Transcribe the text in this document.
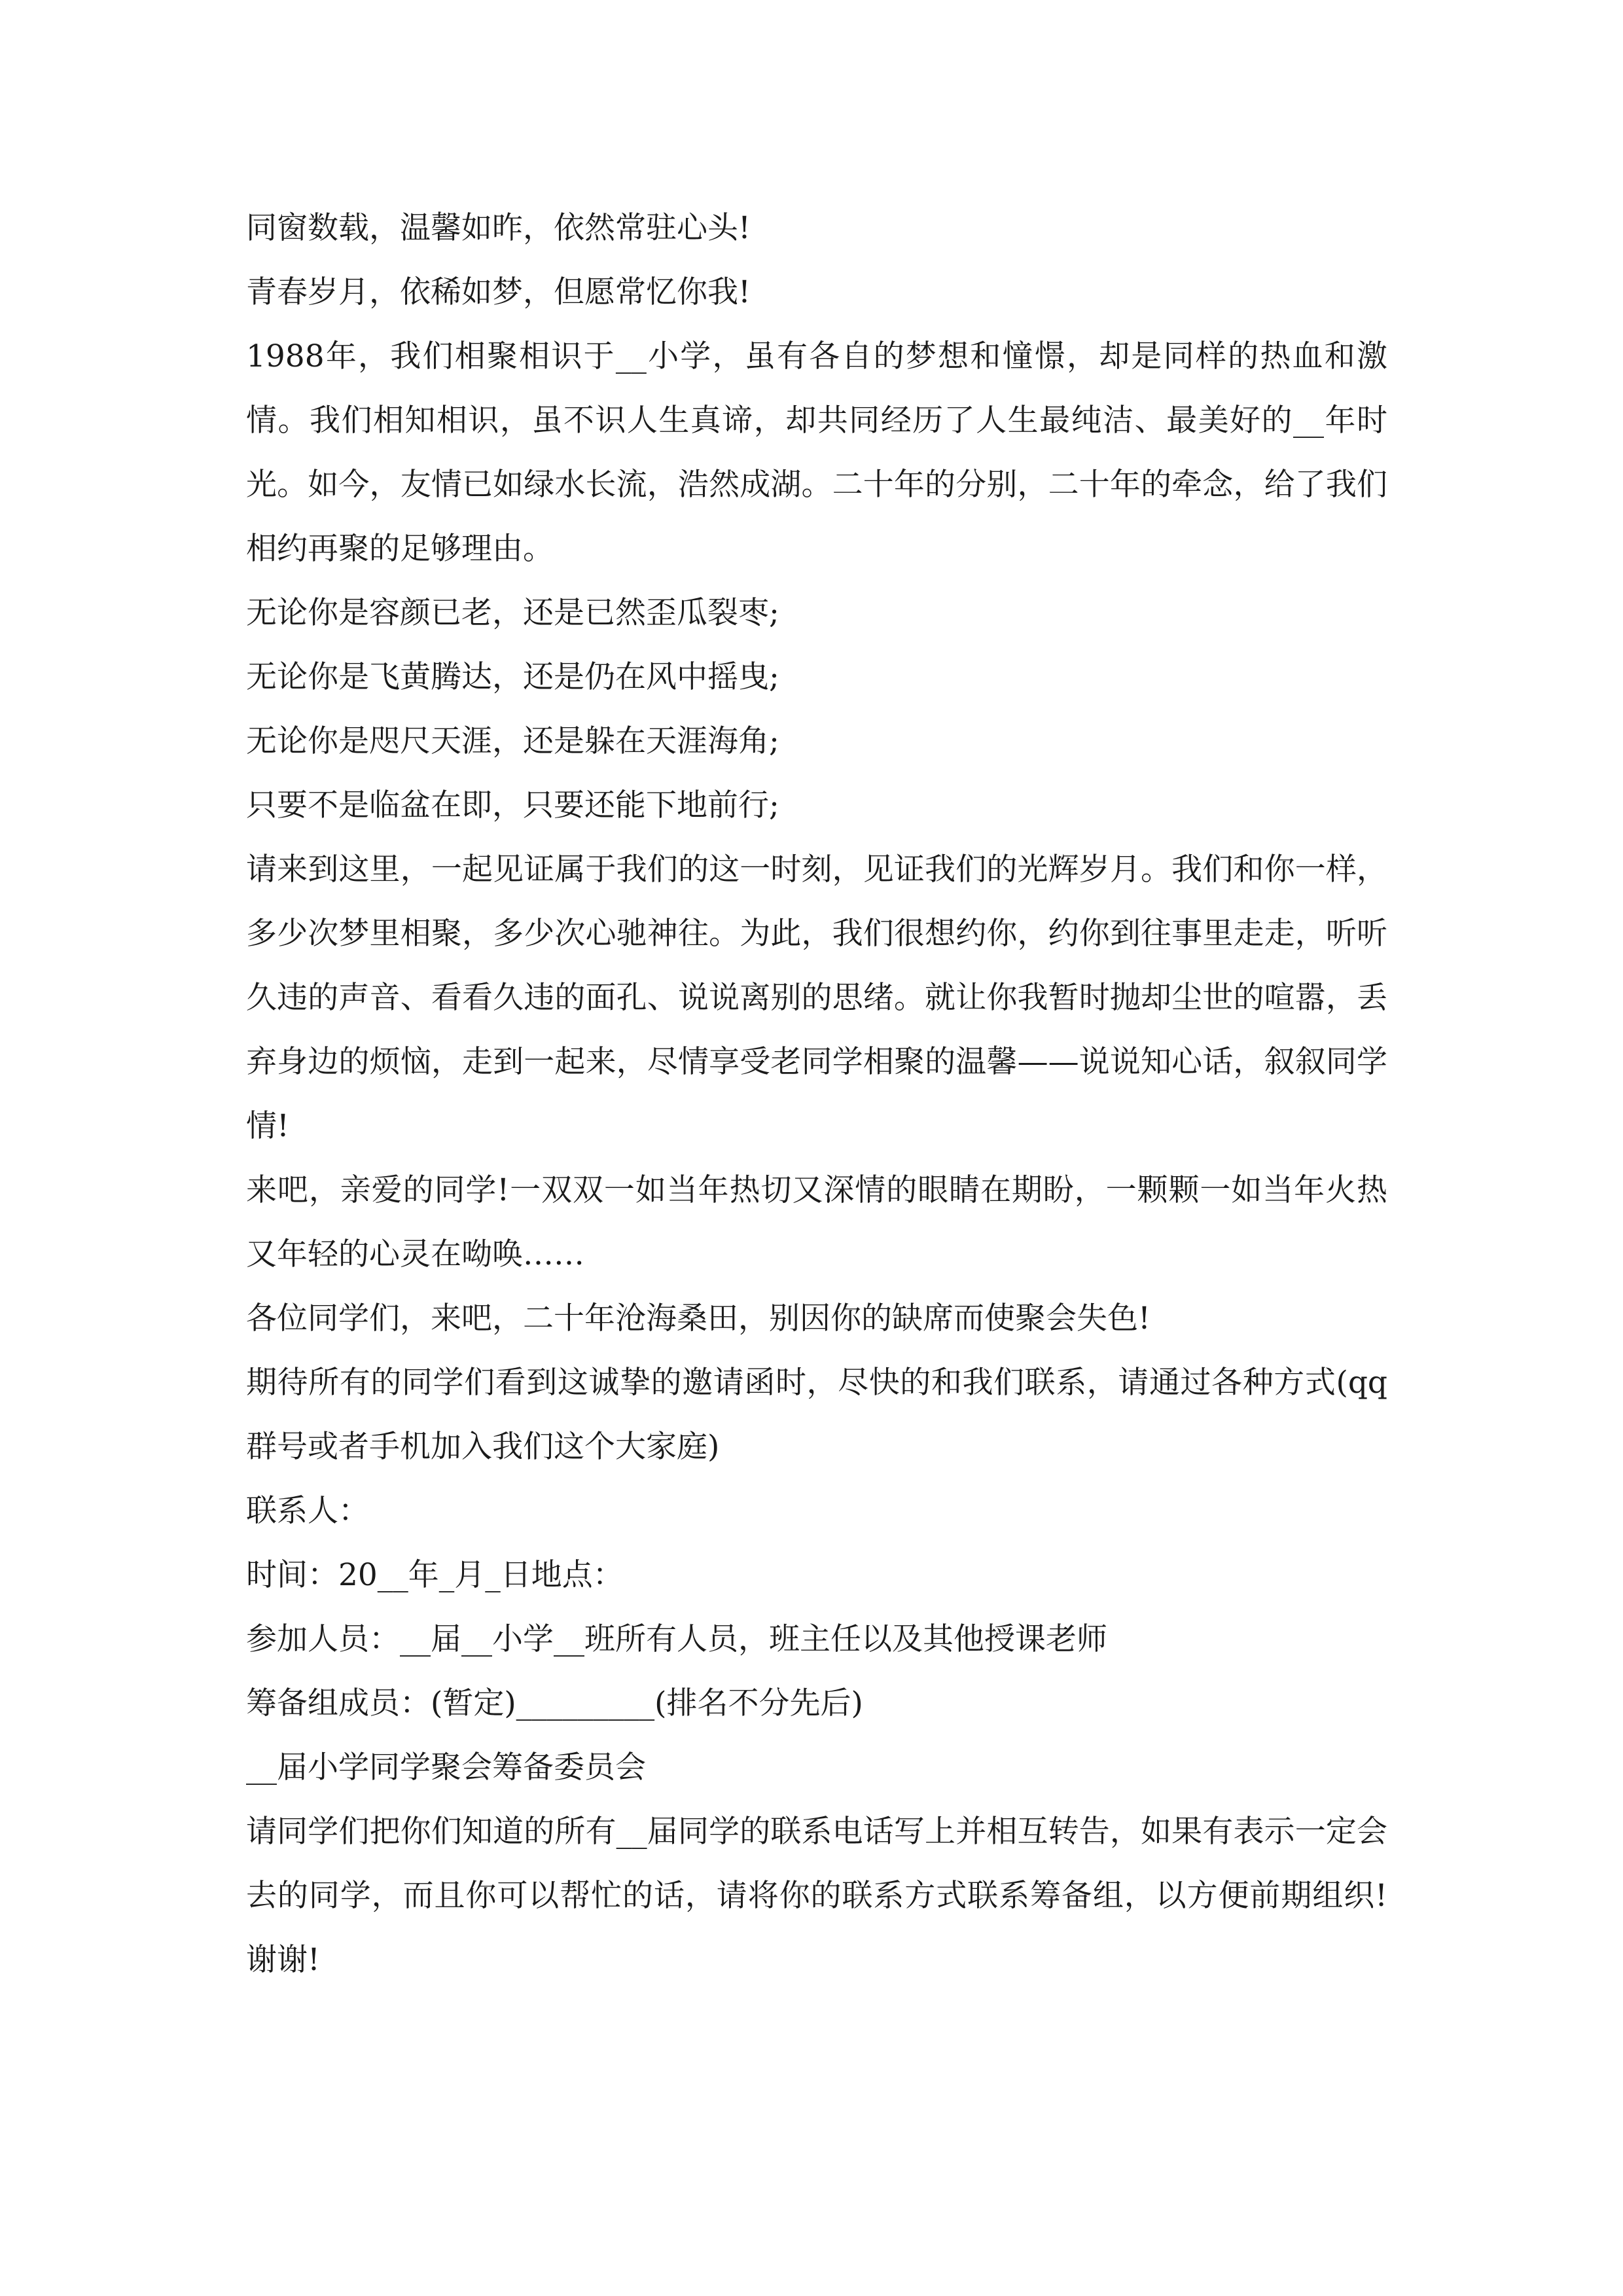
同窗数载，温馨如昨，依然常驻心头!

青春岁月，依稀如梦，但愿常忆你我!

1988年，我们相聚相识于__小学，虽有各自的梦想和憧憬，却是同样的热血和激情。我们相知相识，虽不识人生真谛，却共同经历了人生最纯洁、最美好的__年时光。如今，友情已如绿水长流，浩然成湖。二十年的分别，二十年的牵念，给了我们相约再聚的足够理由。

无论你是容颜已老，还是已然歪瓜裂枣;

无论你是飞黄腾达，还是仍在风中摇曳;

无论你是咫尺天涯，还是躲在天涯海角;

只要不是临盆在即，只要还能下地前行;

请来到这里，一起见证属于我们的这一时刻，见证我们的光辉岁月。我们和你一样，多少次梦里相聚，多少次心驰神往。为此，我们很想约你，约你到往事里走走，听听久违的声音、看看久违的面孔、说说离别的思绪。就让你我暂时抛却尘世的喧嚣，丢弃身边的烦恼，走到一起来，尽情享受老同学相聚的温馨——说说知心话，叙叙同学情!

来吧，亲爱的同学!一双双一如当年热切又深情的眼睛在期盼，一颗颗一如当年火热又年轻的心灵在呦唤……

各位同学们，来吧，二十年沧海桑田，别因你的缺席而使聚会失色!

期待所有的同学们看到这诚挚的邀请函时，尽快的和我们联系，请通过各种方式(qq群号或者手机加入我们这个大家庭)

联系人：

时间：20__年_月_日地点：

参加人员：__届__小学__班所有人员，班主任以及其他授课老师

筹备组成员：(暂定)_________(排名不分先后)

__届小学同学聚会筹备委员会

请同学们把你们知道的所有__届同学的联系电话写上并相互转告，如果有表示一定会去的同学，而且你可以帮忙的话，请将你的联系方式联系筹备组，以方便前期组织!谢谢!
